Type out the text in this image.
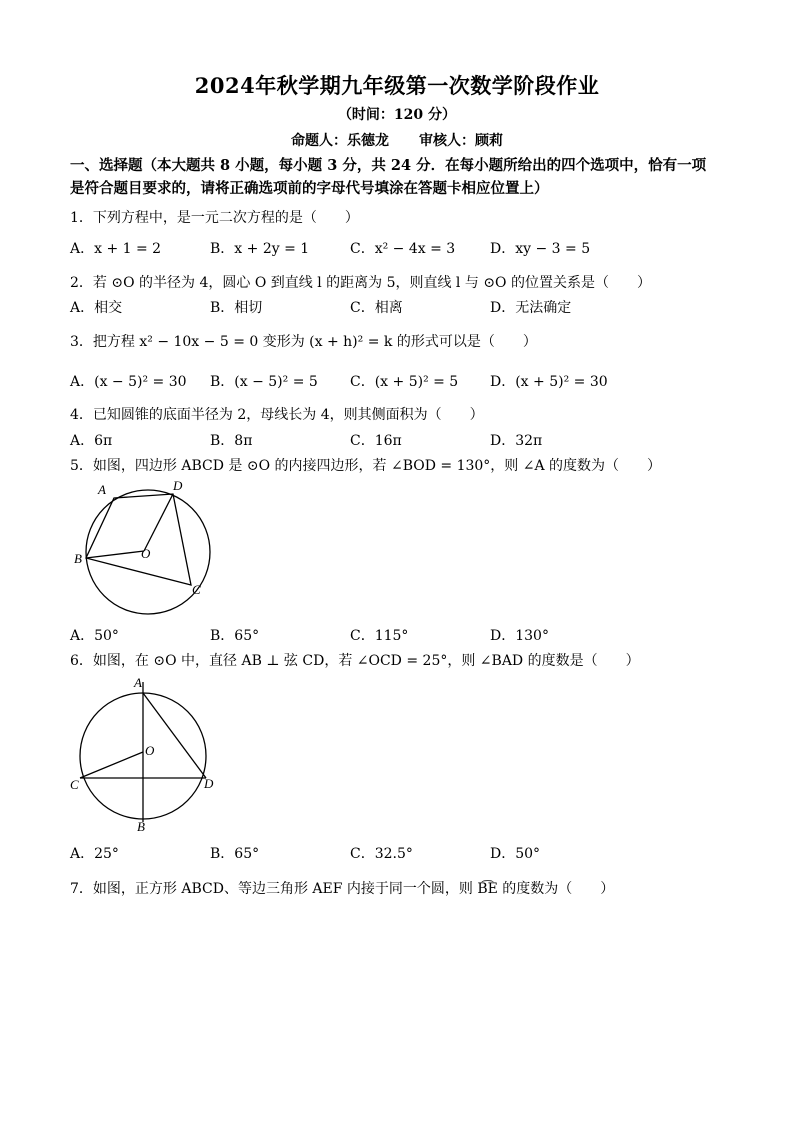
2024年秋学期九年级第一次数学阶段作业
（时间：120 分）
命题人：乐德龙 审核人：顾莉
一、选择题（本大题共 8 小题，每小题 3 分，共 24 分．在每小题所给出的四个选项中，恰有一项是符合题目要求的，请将正确选项前的字母代号填涂在答题卡相应位置上）
1．下列方程中，是一元二次方程的是（　　）
A．x + 1 = 2	B．x + 2y = 1	C．x² − 4x = 3 D．xy − 3 = 5
2．若 ⊙O 的半径为 4，圆心 O 到直线 l 的距离为 5，则直线 l 与 ⊙O 的位置关系是（　　）
A．相交	B．相切	C．相离	D．无法确定
3．把方程 x² − 10x − 5 = 0 变形为 (x + h)² = k 的形式可以是（　　）
A．(x − 5)² = 30 B．(x − 5)² = 5 C．(x + 5)² = 5 D．(x + 5)² = 30
4．已知圆锥的底面半径为 2，母线长为 4，则其侧面积为（　　）
A．6π	B．8π	C．16π	D．32π
5．如图，四边形 ABCD 是 ⊙O 的内接四边形，若 ∠BOD = 130°，则 ∠A 的度数为（　　）
A	D
B	O
C
A．50°	B．65°	C．115°	D．130°
6．如图，在 ⊙O 中，直径 AB ⊥ 弦 CD，若 ∠OCD = 25°，则 ∠BAD 的度数是（　　）
A
O
C	D
B
A．25°	B．65°	C．32.5°	D．50°
7．如图，正方形 ABCD、等边三角形 AEF 内接于同一个圆，则 B͡E 的度数为（　　）
